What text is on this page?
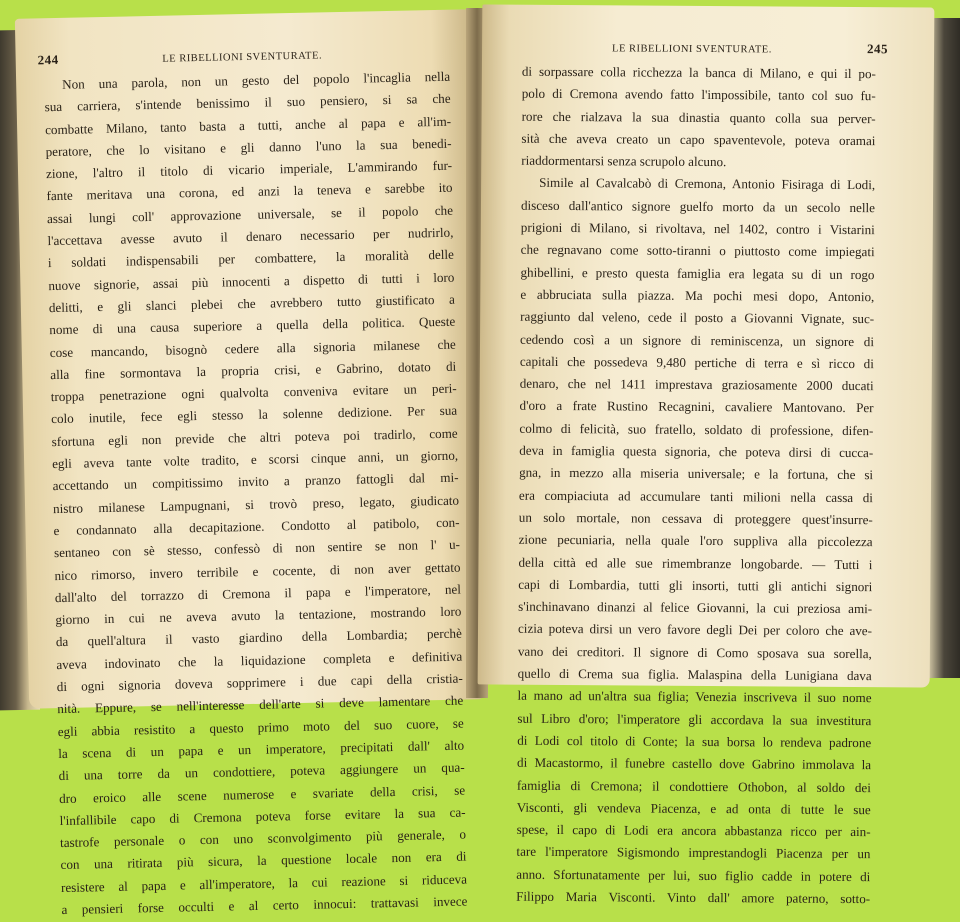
244	LE RIBELLIONI SVENTURATE.
Non una parola, non un gesto del popolo l'incaglia nella
sua carriera, s'intende benissimo il suo pensiero, si sa che
combatte Milano, tanto basta a tutti, anche al papa e all'im-
peratore, che lo visitano e gli danno l'uno la sua benedi-
zione, l'altro il titolo di vicario imperiale, L'ammirando fur-
fante meritava una corona, ed anzi la teneva e sarebbe ito
assai lungi coll' approvazione universale, se il popolo che
l'accettava avesse avuto il denaro necessario per nudrirlo,
i soldati indispensabili per combattere, la moralità delle
nuove signorie, assai più innocenti a dispetto di tutti i loro
delitti, e gli slanci plebei che avrebbero tutto giustificato a
nome di una causa superiore a quella della politica. Queste
cose mancando, bisognò cedere alla signoria milanese che
alla fine sormontava la propria crisi, e Gabrino, dotato di
troppa penetrazione ogni qualvolta conveniva evitare un peri-
colo inutile, fece egli stesso la solenne dedizione. Per sua
sfortuna egli non previde che altri poteva poi tradirlo, come
egli aveva tante volte tradito, e scorsi cinque anni, un giorno,
accettando un compitissimo invito a pranzo fattogli dal mi-
nistro milanese Lampugnani, si trovò preso, legato, giudicato
e condannato alla decapitazione. Condotto al patibolo, con-
sentaneo con sè stesso, confessò di non sentire se non l' u-
nico rimorso, invero terribile e cocente, di non aver gettato
dall'alto del torrazzo di Cremona il papa e l'imperatore, nel
giorno in cui ne aveva avuto la tentazione, mostrando loro
da quell'altura il vasto giardino della Lombardia; perchè
aveva indovinato che la liquidazione completa e definitiva
di ogni signoria doveva sopprimere i due capi della cristia-
nità. Eppure, se nell'interesse dell'arte si deve lamentare che
egli abbia resistito a questo primo moto del suo cuore, se
la scena di un papa e un imperatore, precipitati dall' alto
di una torre da un condottiere, poteva aggiungere un qua-
dro eroico alle scene numerose e svariate della crisi, se
l'infallibile capo di Cremona poteva forse evitare la sua ca-
tastrofe personale o con uno sconvolgimento più generale, o
con una ritirata più sicura, la questione locale non era di
resistere al papa e all'imperatore, la cui reazione si riduceva
a pensieri forse occulti e al certo innocui: trattavasi invece
LE RIBELLIONI SVENTURATE.	245
di sorpassare colla ricchezza la banca di Milano, e qui il po-
polo di Cremona avendo fatto l'impossibile, tanto col suo fu-
rore che rialzava la sua dinastia quanto colla sua perver-
sità che aveva creato un capo spaventevole, poteva oramai
riaddormentarsi senza scrupolo alcuno.
Simile al Cavalcabò di Cremona, Antonio Fisiraga di Lodi,
disceso dall'antico signore guelfo morto da un secolo nelle
prigioni di Milano, si rivoltava, nel 1402, contro i Vistarini
che regnavano come sotto-tiranni o piuttosto come impiegati
ghibellini, e presto questa famiglia era legata su di un rogo
e abbruciata sulla piazza. Ma pochi mesi dopo, Antonio,
raggiunto dal veleno, cede il posto a Giovanni Vignate, suc-
cedendo così a un signore di reminiscenza, un signore di
capitali che possedeva 9,480 pertiche di terra e sì ricco di
denaro, che nel 1411 imprestava graziosamente 2000 ducati
d'oro a frate Rustino Recagnini, cavaliere Mantovano. Per
colmo di felicità, suo fratello, soldato di professione, difen-
deva in famiglia questa signoria, che poteva dirsi di cucca-
gna, in mezzo alla miseria universale; e la fortuna, che si
era compiaciuta ad accumulare tanti milioni nella cassa di
un solo mortale, non cessava di proteggere quest'insurre-
zione pecuniaria, nella quale l'oro suppliva alla piccolezza
della città ed alle sue rimembranze longobarde. — Tutti i
capi di Lombardia, tutti gli insorti, tutti gli antichi signori
s'inchinavano dinanzi al felice Giovanni, la cui preziosa ami-
cizia poteva dirsi un vero favore degli Dei per coloro che ave-
vano dei creditori. Il signore di Como sposava sua sorella,
quello di Crema sua figlia. Malaspina della Lunigiana dava
la mano ad un'altra sua figlia; Venezia inscriveva il suo nome
sul Libro d'oro; l'imperatore gli accordava la sua investitura
di Lodi col titolo di Conte; la sua borsa lo rendeva padrone
di Macastormo, il funebre castello dove Gabrino immolava la
famiglia di Cremona; il condottiere Othobon, al soldo dei
Visconti, gli vendeva Piacenza, e ad onta di tutte le sue
spese, il capo di Lodi era ancora abbastanza ricco per ain-
tare l'imperatore Sigismondo imprestandogli Piacenza per un
anno. Sfortunatamente per lui, suo figlio cadde in potere di
Filippo Maria Visconti. Vinto dall' amore paterno, sotto-
